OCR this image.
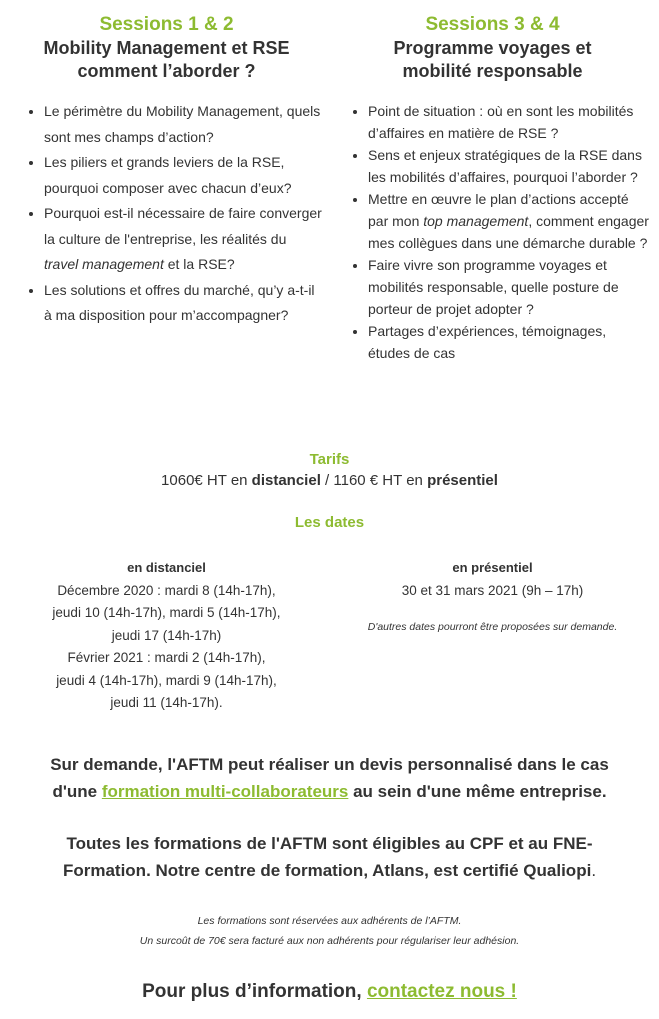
Sessions 1 & 2
Mobility Management et RSE
comment l’aborder ?
• Le périmètre du Mobility Management, quels sont mes champs d’action?
• Les piliers et grands leviers de la RSE, pourquoi composer avec chacun d’eux?
• Pourquoi est-il nécessaire de faire converger la culture de l'entreprise, les réalités du travel management et la RSE?
• Les solutions et offres du marché, qu’y a-t-il à ma disposition pour m’accompagner?
Sessions 3 & 4
Programme voyages et
mobilité responsable
• Point de situation : où en sont les mobilités d’affaires en matière de RSE ?
• Sens et enjeux stratégiques de la RSE dans les mobilités d’affaires, pourquoi l’aborder ?
• Mettre en œuvre le plan d’actions accepté par mon top management, comment engager mes collègues dans une démarche durable ?
• Faire vivre son programme voyages et mobilités responsable, quelle posture de porteur de projet adopter ?
• Partages d’expériences, témoignages, études de cas
Tarifs
1060€ HT en distanciel / 1160 € HT en présentiel
Les dates
en distanciel
Décembre 2020 : mardi 8 (14h-17h),
jeudi 10 (14h-17h), mardi 5 (14h-17h),
jeudi 17 (14h-17h)
Février 2021 : mardi 2 (14h-17h),
jeudi 4 (14h-17h), mardi 9 (14h-17h),
jeudi 11 (14h-17h).
en présentiel
30 et 31 mars 2021 (9h – 17h)
D'autres dates pourront être proposées sur demande.
Sur demande, l'AFTM peut réaliser un devis personnalisé dans le cas
d'une formation multi-collaborateurs au sein d'une même entreprise.
Toutes les formations de l'AFTM sont éligibles au CPF et au FNE-
Formation. Notre centre de formation, Atlans, est certifié Qualiopi.
Les formations sont réservées aux adhérents de l’AFTM.
Un surcoût de 70€ sera facturé aux non adhérents pour régulariser leur adhésion.
Pour plus d’information, contactez nous !
